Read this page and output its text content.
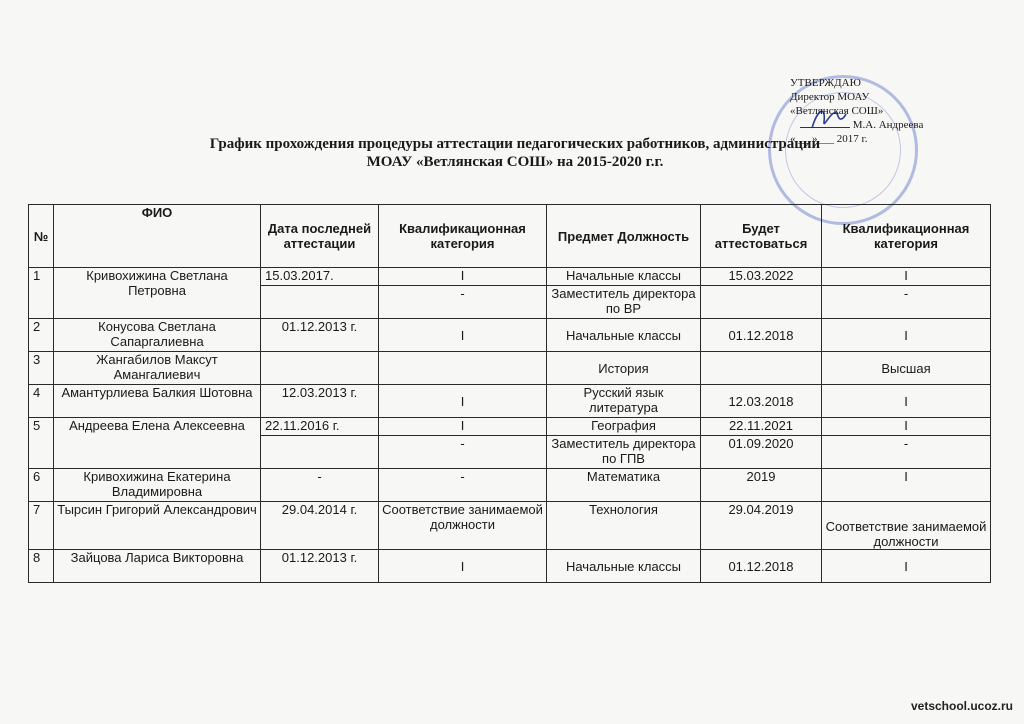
УТВЕРЖДАЮ
Директор МОАУ
«Ветлянская СОШ»
М.А. Андреева
« __ »___ 2017 г.
График прохождения процедуры аттестации педагогических работников, администрации
МОАУ «Ветлянская СОШ» на 2015-2020 г.г.
№	ФИО	Дата последней аттестации	Квалификационная категория	Предмет Должность	Будет аттестоваться	Квалификационная категория
1	Кривохижина Светлана Петровна	15.03.2017.	I	Начальные классы	15.03.2022	I
			-	Заместитель директора по ВР		-
2	Конусова Светлана Сапаргалиевна	01.12.2013 г.	I	Начальные классы	01.12.2018	I
3	Жангабилов Максут Амангалиевич			История		Высшая
4	Амантурлиева Балкия Шотовна	12.03.2013 г.	I	Русский язык литература	12.03.2018	I
5	Андреева Елена Алексеевна	22.11.2016 г.	I	География	22.11.2021	I
			-	Заместитель директора по ГПВ	01.09.2020	-
6	Кривохижина Екатерина Владимировна	-	-	Математика	2019	I
7	Тырсин Григорий Александрович	29.04.2014 г.	Соответствие занимаемой должности	Технология	29.04.2019	Соответствие занимаемой должности
8	Зайцова Лариса Викторовна	01.12.2013 г.	I	Начальные классы	01.12.2018	I
vetschool.ucoz.ru
